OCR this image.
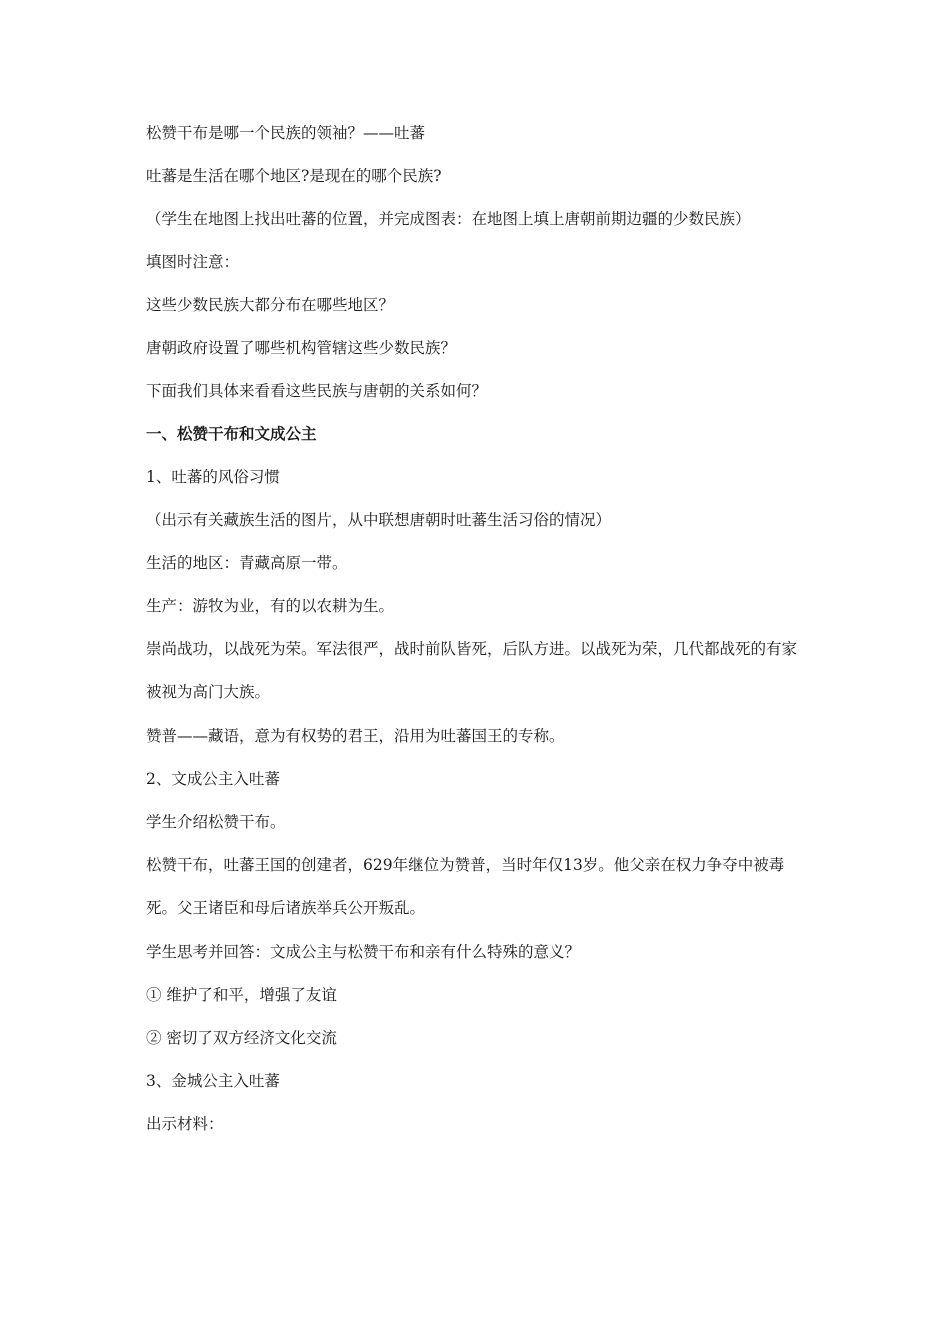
松赞干布是哪一个民族的领袖？——吐蕃

吐蕃是生活在哪个地区?是现在的哪个民族?

（学生在地图上找出吐蕃的位置，并完成图表：在地图上填上唐朝前期边疆的少数民族）

填图时注意：

这些少数民族大都分布在哪些地区？

唐朝政府设置了哪些机构管辖这些少数民族？

下面我们具体来看看这些民族与唐朝的关系如何？

一、松赞干布和文成公主

1、吐蕃的风俗习惯

（出示有关藏族生活的图片，从中联想唐朝时吐蕃生活习俗的情况）

生活的地区：青藏高原一带。

生产：游牧为业，有的以农耕为生。

崇尚战功，以战死为荣。军法很严，战时前队皆死，后队方进。以战死为荣，几代都战死的有家被视为高门大族。

赞普——藏语，意为有权势的君王，沿用为吐蕃国王的专称。

2、文成公主入吐蕃

学生介绍松赞干布。

松赞干布，吐蕃王国的创建者，629年继位为赞普，当时年仅13岁。他父亲在权力争夺中被毒死。父王诸臣和母后诸族举兵公开叛乱。

学生思考并回答：文成公主与松赞干布和亲有什么特殊的意义？

① 维护了和平，增强了友谊

② 密切了双方经济文化交流

3、金城公主入吐蕃

出示材料：
